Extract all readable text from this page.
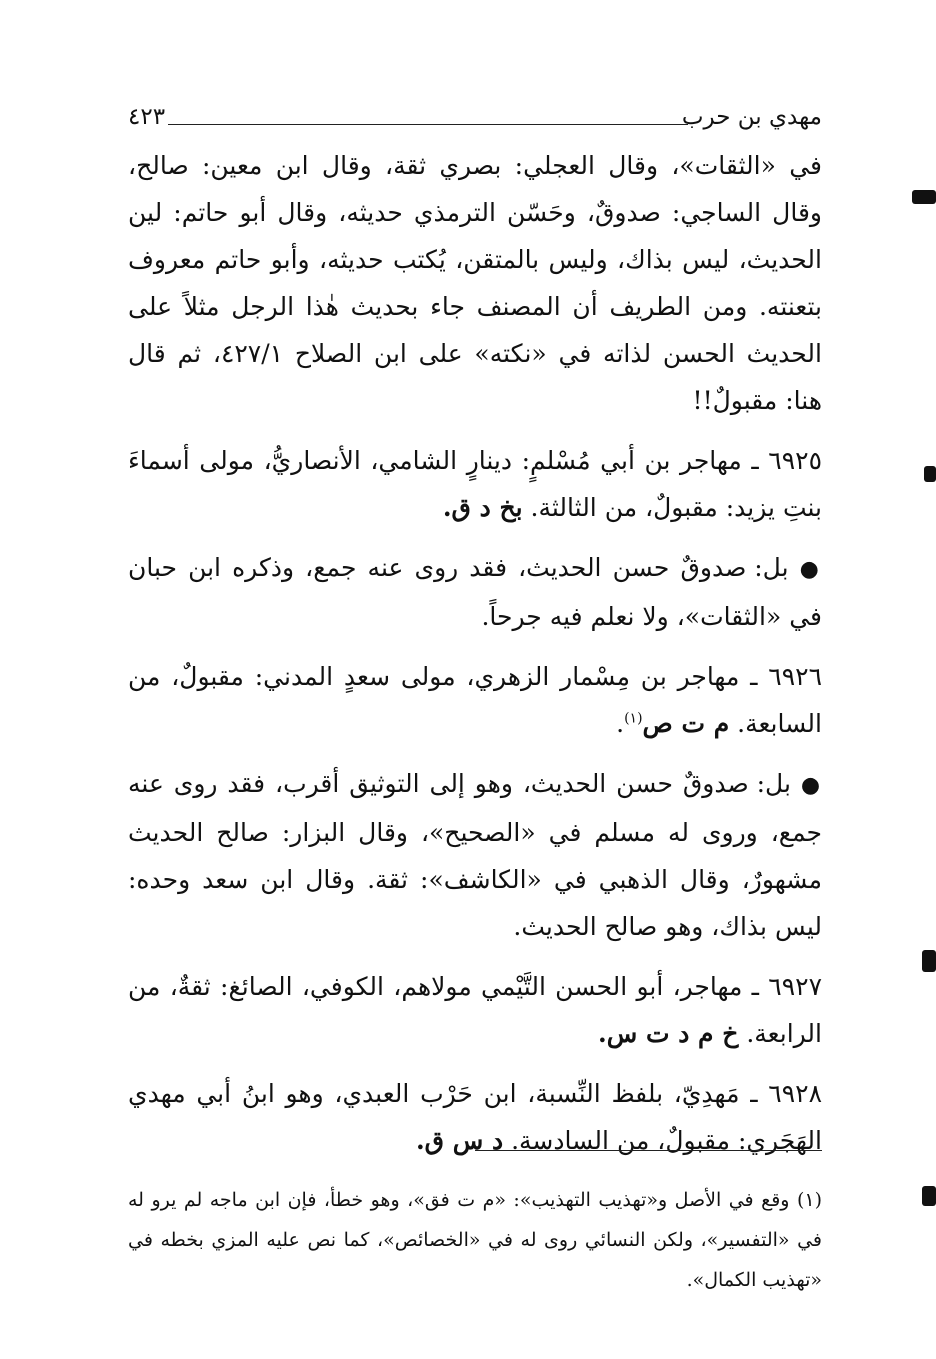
مهدي بن حرب
٤٢٣

في «الثقات»، وقال العجلي: بصري ثقة، وقال ابن معين: صالح، وقال الساجي: صدوقٌ، وحَسّن الترمذي حديثه، وقال أبو حاتم: لين الحديث، ليس بذاك، وليس بالمتقن، يُكتب حديثه، وأبو حاتم معروف بتعنته. ومن الطريف أن المصنف جاء بحديث هٰذا الرجل مثلاً على الحديث الحسن لذاته في «نكته» على ابن الصلاح ٤٢٧/١، ثم قال هنا: مقبولٌ!!

٦٩٢٥ ـ مهاجر بن أبي مُسْلمٍ: دينارٍ الشامي، الأنصاريُّ، مولى أسماءَ بنتِ يزيد: مقبولٌ، من الثالثة. بخ د ق.

● بل: صدوقٌ حسن الحديث، فقد روى عنه جمع، وذكره ابن حبان في «الثقات»، ولا نعلم فيه جرحاً.

٦٩٢٦ ـ مهاجر بن مِسْمار الزهري، مولى سعدٍ المدني: مقبولٌ، من السابعة. م ت ص$^{(١)}$.

● بل: صدوقٌ حسن الحديث، وهو إلى التوثيق أقرب، فقد روى عنه جمع، وروى له مسلم في «الصحيح»، وقال البزار: صالح الحديث مشهورٌ، وقال الذهبي في «الكاشف»: ثقة. وقال ابن سعد وحده: ليس بذاك، وهو صالح الحديث.

٦٩٢٧ ـ مهاجر، أبو الحسن التَّيْمي مولاهم، الكوفي، الصائغ: ثقةٌ، من الرابعة. خ م د ت س.

٦٩٢٨ ـ مَهدِيّ، بلفظ النِّسبة، ابن حَرْب العبدي، وهو ابنُ أبي مهدي الهَجَري: مقبولٌ، من السادسة. د س ق.

(١) وقع في الأصل و«تهذيب التهذيب»: «م ت فق»، وهو خطأ، فإن ابن ماجه لم يرو له في «التفسير»، ولكن النسائي روى له في «الخصائص»، كما نص عليه المزي بخطه في «تهذيب الكمال».
